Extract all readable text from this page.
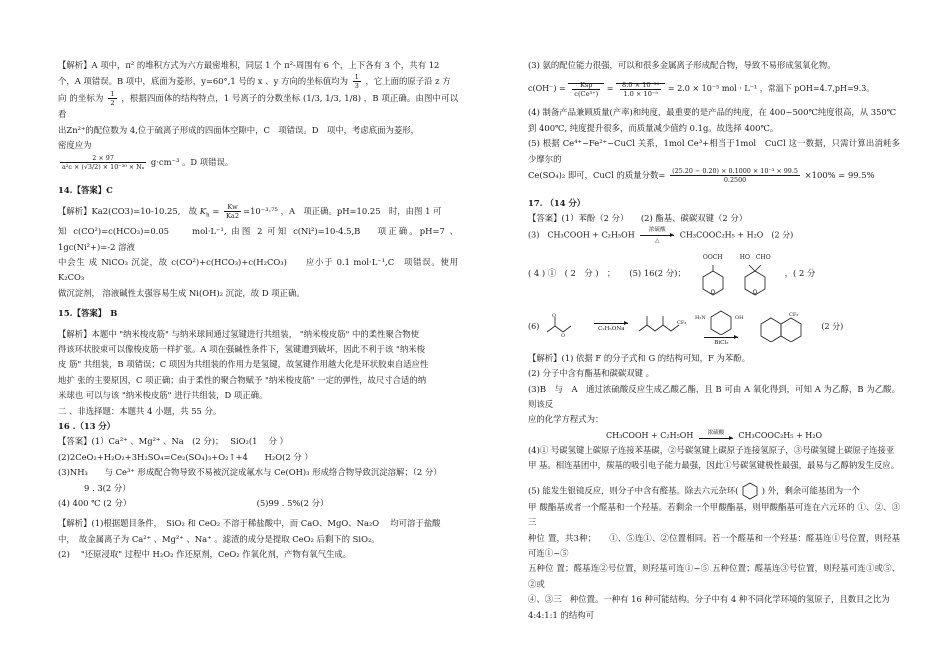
【解析】A 项中，π² 的堆积方式为六方最密堆积，同层 1 个 π²-周围有 6 个，上下各有 3 个，共有 12

个，A 项错误。B 项中，底面为菱形，y=60°,1 号的 x 、y 方向的坐标值均为 $\frac{1}{3}$ ，它上面的原子沿 z 方

向 的坐标为 $\frac{1}{2}$ ，根据四面体的结构特点，1 号离子的分数坐标 (1/3, 1/3, 1/8) ，B 项正确。由图中可以看

出Zn²⁺的配位数为 4,位于硫离子形成的四面体空隙中，C　项错误。D　项中，考虑底面为菱形，

密度应为

$\frac{2 \times 97}{\text{a²c × (√3/2) × 10⁻³⁰ × Nₐ}} g\cdot cm^{-3}$ 。D 项错误。

14.【答案】C

【解析】Ka2(CO3)=10-10.25,　故 $K_h = \frac{Kw}{Ka2} =10^{-3}\cdot^{75}$ ，A　项正确。pH=10.25　时，由图 1 可

知 c(CO²)=c(HCO₃)=0.05　　mol·L⁻¹, 由图 2 可知 c(Ni²)=10-4.5,B　 项正确。pH=7 、1gc(Ni²+)=-2 溶液

中会生 成 NiCO₃ 沉淀，故 c(CO²)+c(HCO₃)+c(H₂CO₃)　　应小于 0.1 mol·L⁻¹,C　项错误。使用 K₂CO₃

做沉淀剂， 溶液碱性太强容易生成 Ni(OH)₂ 沉淀，故 D 项正确。

15.【答案】　B

【解析】本题中 "纳米梭皮筋" 与纳米球间通过氢键进行共组装， "纳米梭皮筋" 中的柔性聚合物使

得该环状胶束可以像梭皮筋一样扩张。A 项在强碱性条件下，氢键遭到破坏，因此不利于该 "纳米梭

皮 筋" 共组装，B 项错误；C 项因为共组装的作用力是氢键，故氢键作用越大化是环状胶束自适应性

地扩 张的主要原因，C 项正确；由于柔性的聚合物赋予 "纳米梭皮筋" 一定的弹性，故尺寸合适的纳

米球也 可以与该 "纳米梭皮筋" 进行共组装，D 项正确。

二 、非选择题：本题共 4 小题，共 55 分。

16 .（13 分）

【答案】(1）Ca²⁺ 、Mg²⁺ 、Na　(2 分)；　 SiO₂(1　 分 ）

(2)2CeO₂+H₂O₂+3H₂SO₄=Ce₂(SO₄)₃+O₂↑+4　　H₂O(2 分 ）

(3)NH₃　　与 Ce³⁺ 形成配合物导致不易被沉淀成氟水与 Ce(OH)₃ 形成络合物导致沉淀溶解；（2 分）

9 . 3(2 分）

(4) 400 ℃ (2 分）	(5)99 . 5%(2 分）

【解析】(1)根据题目条件，　SiO₂ 和 CeO₂ 不溶于稀盐酸中，而 CaO、MgO、Na₂O　 均可溶于盐酸

中，　故金属离子为 Ca²⁺ 、Mg²⁺ 、Na⁺ 。滤渣的成分是提取 CeO₂ 后剩下的 SiO₂。

(2)　 "还原浸取" 过程中 H₂O₂ 作还原剂，CeO₂ 作氧化剂，产物有氧气生成。

(3) 氨的配位能力很强，可以和很多金属离子形成配合物，导致不易形成氢氧化物。

$c(OH^-) = \frac{\text{Ksp}}{\text{c(Ce³⁺)}} = \frac{\text{8.0 × 10⁻²¹}}{\text{1.0 × 10⁻⁵}} = 2.0 \times 10^{-5}$ mol · L⁻¹ ，常温下 pOH=4.7,pH=9.3。

(4) 制备产品兼顾质量(产率)和纯度，最重要的是产品的纯度，在 400~500℃纯度很高，从 350℃

到 400℃, 纯度提升很多，而质量减少值约 0.1g。故选择 400℃。

(5) 根据 Ce⁴⁺~Fe²⁺~CuCl 关系，1mol Ce³+相当于1mol　CuCl 这一数据，只需计算出消耗多少摩尔的

Ce(SO₄)₂ 即可，CuCl 的质量分数= $\frac{\text{(25.20 − 0.20) × 0.1000 × 10⁻³ × 99.5}}{0.2500} \times 100\% = 99.5\%$

17. （14 分）

【答案】(1）苯酚（2 分）　　(2) 酯基、碳碳双键（2 分）

(3)　CH₃COOH + C₂H₅OH
浓硫酸
△
CH₃COOC₂H₅ + H₂O　(2 分)

( 4 ) ①　( 2　分 )　； (5) 16(2 分)；
OOCH
O
HO　CHO
O
，( 2 分
(6)
O
O
C₂H₅ONa
CF₃
H₂N	OH
BiCl₃
CF₃
(2 分)

【解析】(1) 依据 F 的分子式和 G 的结构可知，F 为苯酚。

(2) 分子中含有酯基和碳碳双键 。

(3)B　与　A　通过浓硫酸反应生成乙酸乙酯，且 B 可由 A 氧化得到，可知 A 为乙醇，B 为乙酸。则该反

应的化学方程式为：

CH₃COOH + C₂H₅OH	浓硫酸 CH₃COOC₂H₅ + H₂O

(4)① 号碳氢键上碳原子连接苯基碳，②号碳氢键上碳原子连接氢原子，③号碳氢键上碳原子连接亚

甲 基。相连基团中，羰基的吸引电子能力最强，因此①号碳氢键极性最强，最易与乙醇钠发生反应。

(5) 能发生银镜反应，则分子中含有醛基。除去六元杂环(	) 外，剩余可能基团为一个

甲 酸酯基或者一个醛基和一个羟基。若剩余一个甲酸酯基，则甲酸酯基可连在六元环的 ①、②、③三

种位 置，共3种；　　①、⑤连①、②位置相同。若一个醛基和一个羟基：醛基连①号位置，则羟基可连①~⑤

五种位 置；醛基连②号位置，则羟基可连①~⑤ 五种位置；醛基连③号位置，则羟基可连①或⑤、②或

④、③三　种位置。一种有 16 种可能结构。分子中有 4 种不同化学环境的氢原子，且数目之比为

4:4:1:1 的结构可
